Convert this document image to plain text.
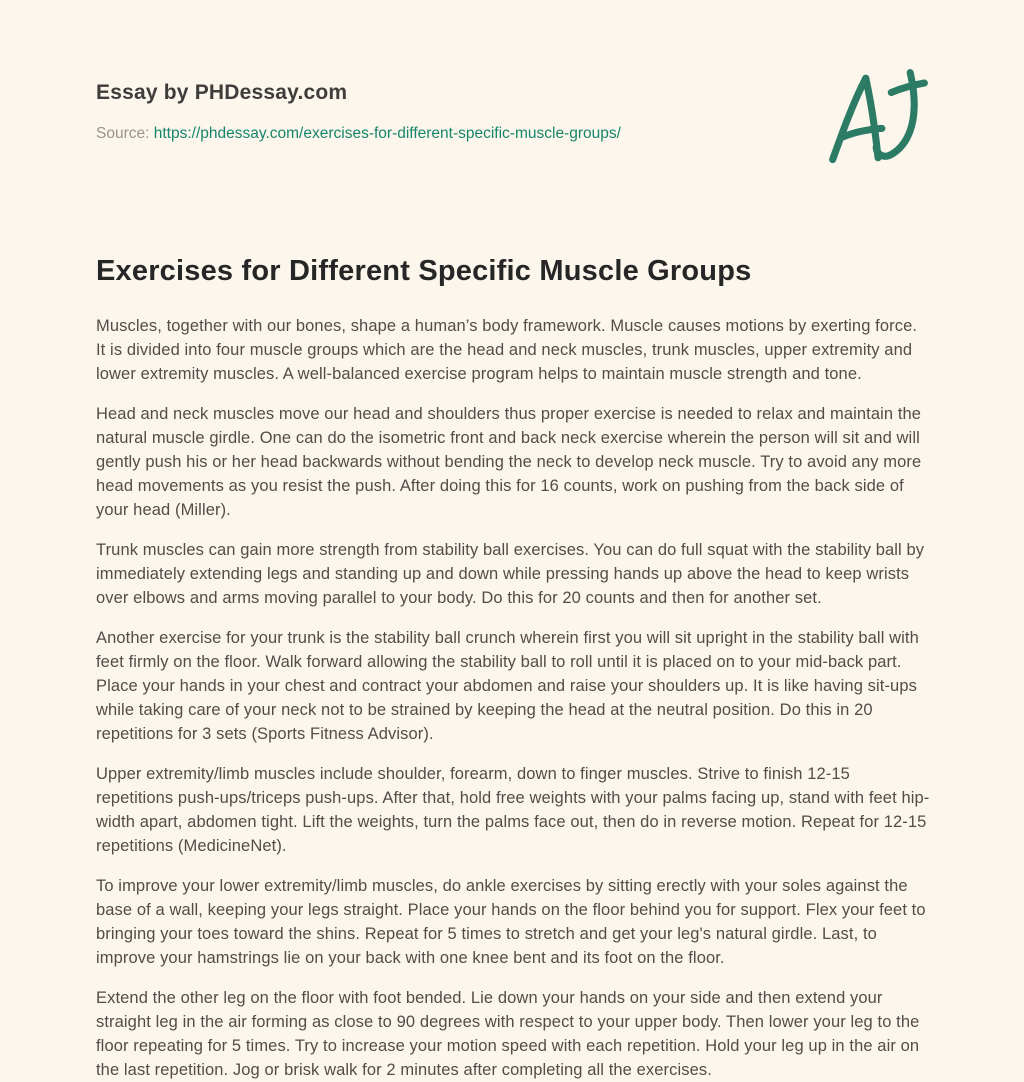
Essay by PHDessay.com
Source: https://phdessay.com/exercises-for-different-specific-muscle-groups/
Exercises for Different Specific Muscle Groups

Muscles, together with our bones, shape a human’s body framework. Muscle causes motions by exerting force. It is divided into four muscle groups which are the head and neck muscles, trunk muscles, upper extremity and lower extremity muscles. A well-balanced exercise program helps to maintain muscle strength and tone.

Head and neck muscles move our head and shoulders thus proper exercise is needed to relax and maintain the natural muscle girdle. One can do the isometric front and back neck exercise wherein the person will sit and will gently push his or her head backwards without bending the neck to develop neck muscle. Try to avoid any more head movements as you resist the push. After doing this for 16 counts, work on pushing from the back side of your head (Miller).

Trunk muscles can gain more strength from stability ball exercises. You can do full squat with the stability ball by immediately extending legs and standing up and down while pressing hands up above the head to keep wrists over elbows and arms moving parallel to your body. Do this for 20 counts and then for another set.

Another exercise for your trunk is the stability ball crunch wherein first you will sit upright in the stability ball with feet firmly on the floor. Walk forward allowing the stability ball to roll until it is placed on to your mid-back part. Place your hands in your chest and contract your abdomen and raise your shoulders up. It is like having sit-ups while taking care of your neck not to be strained by keeping the head at the neutral position. Do this in 20 repetitions for 3 sets (Sports Fitness Advisor).

Upper extremity/limb muscles include shoulder, forearm, down to finger muscles. Strive to finish 12-15 repetitions push-ups/triceps push-ups. After that, hold free weights with your palms facing up, stand with feet hip-width apart, abdomen tight. Lift the weights, turn the palms face out, then do in reverse motion. Repeat for 12-15 repetitions (MedicineNet).

To improve your lower extremity/limb muscles, do ankle exercises by sitting erectly with your soles against the base of a wall, keeping your legs straight. Place your hands on the floor behind you for support. Flex your feet to bringing your toes toward the shins. Repeat for 5 times to stretch and get your leg's natural girdle. Last, to improve your hamstrings lie on your back with one knee bent and its foot on the floor.

Extend the other leg on the floor with foot bended. Lie down your hands on your side and then extend your straight leg in the air forming as close to 90 degrees with respect to your upper body. Then lower your leg to the floor repeating for 5 times. Try to increase your motion speed with each repetition. Hold your leg up in the air on the last repetition. Jog or brisk walk for 2 minutes after completing all the exercises.
